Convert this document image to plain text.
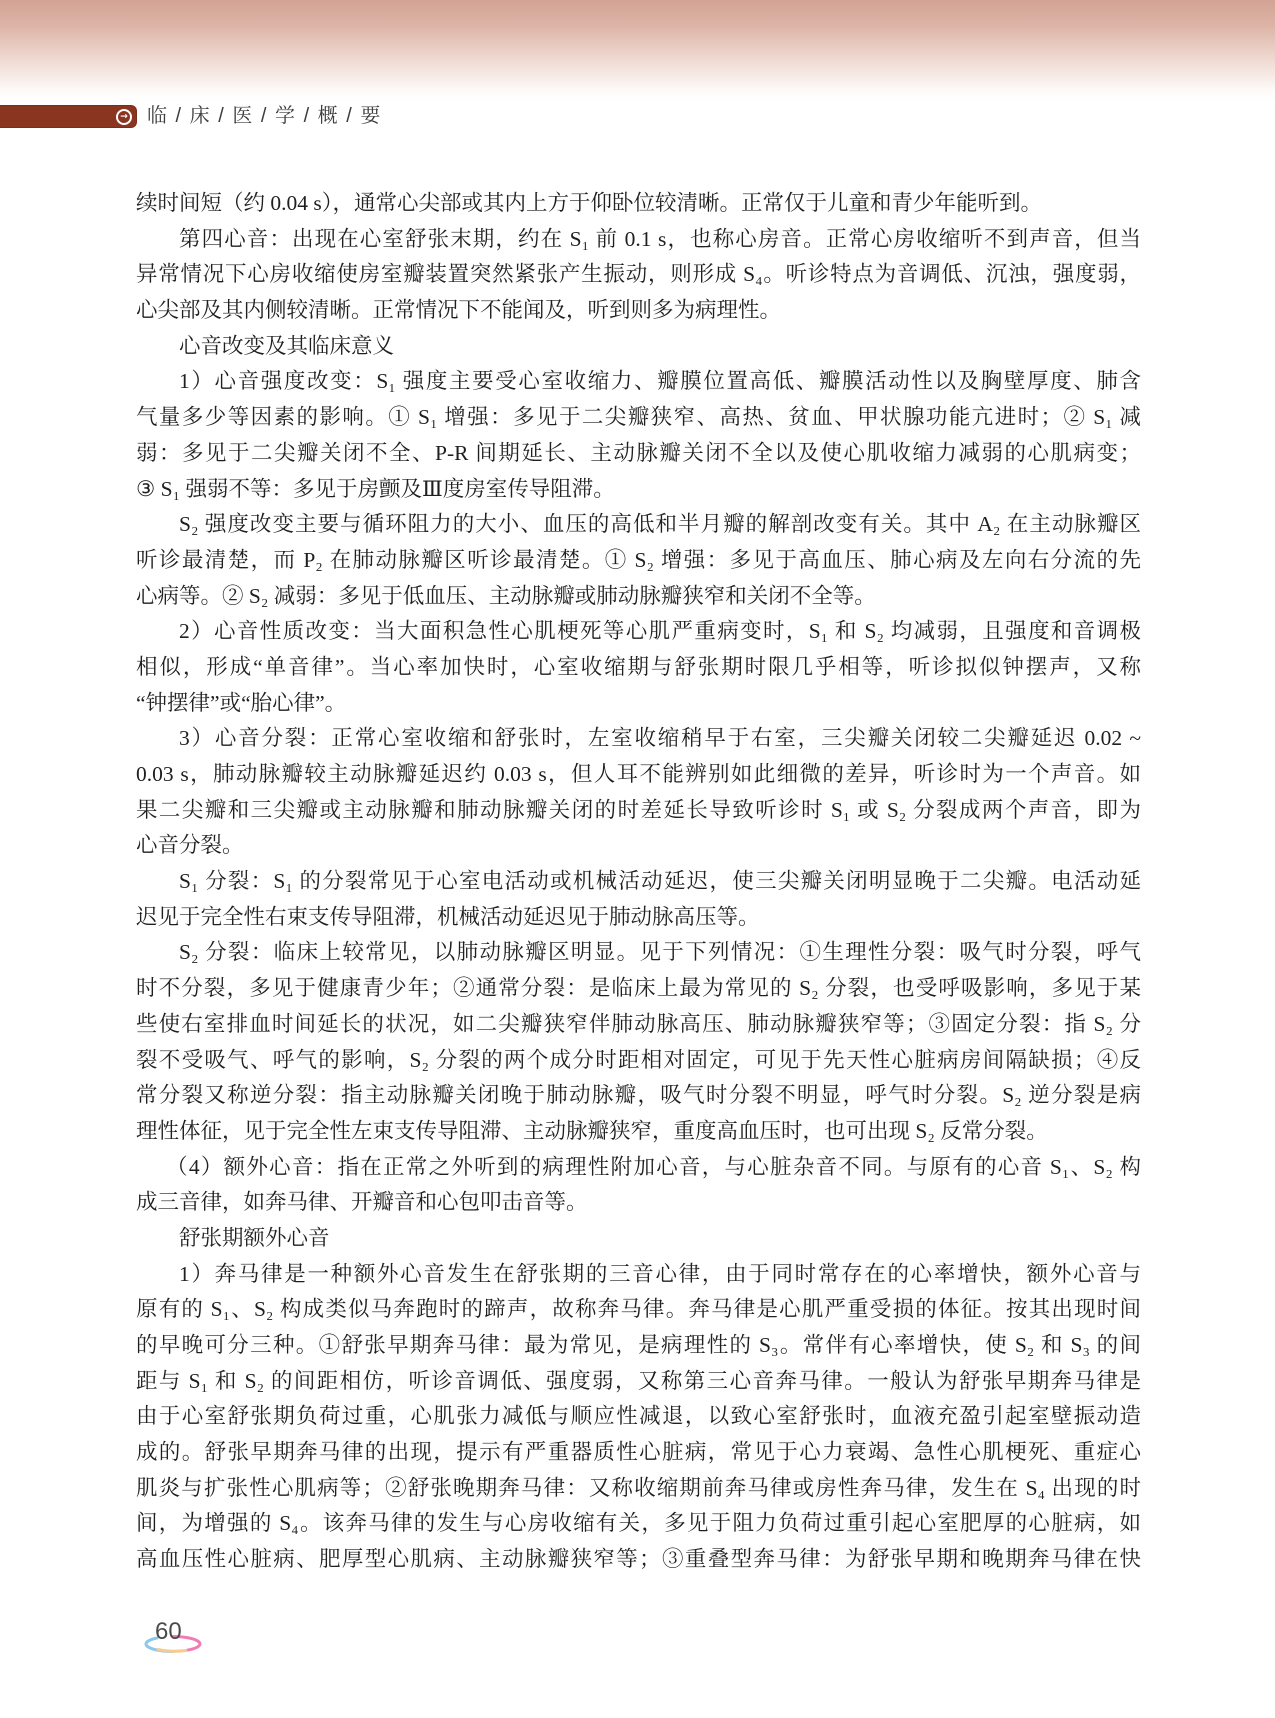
→ 临 / 床 / 医 / 学 / 概 / 要
续时间短（约 0.04 s），通常心尖部或其内上方于仰卧位较清晰。正常仅于儿童和青少年能听到。
第四心音：出现在心室舒张末期，约在 S₁ 前 0.1 s，也称心房音。正常心房收缩听不到声音，但当
异常情况下心房收缩使房室瓣装置突然紧张产生振动，则形成 S₄。听诊特点为音调低、沉浊，强度弱，
心尖部及其内侧较清晰。正常情况下不能闻及，听到则多为病理性。
心音改变及其临床意义
1）心音强度改变：S₁ 强度主要受心室收缩力、瓣膜位置高低、瓣膜活动性以及胸壁厚度、肺含
气量多少等因素的影响。① S₁ 增强：多见于二尖瓣狭窄、高热、贫血、甲状腺功能亢进时；② S₁ 减
弱：多见于二尖瓣关闭不全、P-R 间期延长、主动脉瓣关闭不全以及使心肌收缩力减弱的心肌病变；
③ S₁ 强弱不等：多见于房颤及Ⅲ度房室传导阻滞。
S₂ 强度改变主要与循环阻力的大小、血压的高低和半月瓣的解剖改变有关。其中 A₂ 在主动脉瓣区
听诊最清楚，而 P₂ 在肺动脉瓣区听诊最清楚。① S₂ 增强：多见于高血压、肺心病及左向右分流的先
心病等。② S₂ 减弱：多见于低血压、主动脉瓣或肺动脉瓣狭窄和关闭不全等。
2）心音性质改变：当大面积急性心肌梗死等心肌严重病变时，S₁ 和 S₂ 均减弱，且强度和音调极
相似，形成“单音律”。当心率加快时，心室收缩期与舒张期时限几乎相等，听诊拟似钟摆声，又称
“钟摆律”或“胎心律”。
3）心音分裂：正常心室收缩和舒张时，左室收缩稍早于右室，三尖瓣关闭较二尖瓣延迟 0.02 ~
0.03 s，肺动脉瓣较主动脉瓣延迟约 0.03 s，但人耳不能辨别如此细微的差异，听诊时为一个声音。如
果二尖瓣和三尖瓣或主动脉瓣和肺动脉瓣关闭的时差延长导致听诊时 S₁ 或 S₂ 分裂成两个声音，即为
心音分裂。
S₁ 分裂：S₁ 的分裂常见于心室电活动或机械活动延迟，使三尖瓣关闭明显晚于二尖瓣。电活动延
迟见于完全性右束支传导阻滞，机械活动延迟见于肺动脉高压等。
S₂ 分裂：临床上较常见，以肺动脉瓣区明显。见于下列情况：①生理性分裂：吸气时分裂，呼气
时不分裂，多见于健康青少年；②通常分裂：是临床上最为常见的 S₂ 分裂，也受呼吸影响，多见于某
些使右室排血时间延长的状况，如二尖瓣狭窄伴肺动脉高压、肺动脉瓣狭窄等；③固定分裂：指 S₂ 分
裂不受吸气、呼气的影响，S₂ 分裂的两个成分时距相对固定，可见于先天性心脏病房间隔缺损；④反
常分裂又称逆分裂：指主动脉瓣关闭晚于肺动脉瓣，吸气时分裂不明显，呼气时分裂。S₂ 逆分裂是病
理性体征，见于完全性左束支传导阻滞、主动脉瓣狭窄，重度高血压时，也可出现 S₂ 反常分裂。
（4）额外心音：指在正常之外听到的病理性附加心音，与心脏杂音不同。与原有的心音 S₁、S₂ 构
成三音律，如奔马律、开瓣音和心包叩击音等。
舒张期额外心音
1）奔马律是一种额外心音发生在舒张期的三音心律，由于同时常存在的心率增快，额外心音与
原有的 S₁、S₂ 构成类似马奔跑时的蹄声，故称奔马律。奔马律是心肌严重受损的体征。按其出现时间
的早晚可分三种。①舒张早期奔马律：最为常见，是病理性的 S₃。常伴有心率增快，使 S₂ 和 S₃ 的间
距与 S₁ 和 S₂ 的间距相仿，听诊音调低、强度弱，又称第三心音奔马律。一般认为舒张早期奔马律是
由于心室舒张期负荷过重，心肌张力减低与顺应性减退，以致心室舒张时，血液充盈引起室壁振动造
成的。舒张早期奔马律的出现，提示有严重器质性心脏病，常见于心力衰竭、急性心肌梗死、重症心
肌炎与扩张性心肌病等；②舒张晚期奔马律：又称收缩期前奔马律或房性奔马律，发生在 S₄ 出现的时
间，为增强的 S₄。该奔马律的发生与心房收缩有关，多见于阻力负荷过重引起心室肥厚的心脏病，如
高血压性心脏病、肥厚型心肌病、主动脉瓣狭窄等；③重叠型奔马律：为舒张早期和晚期奔马律在快
60
